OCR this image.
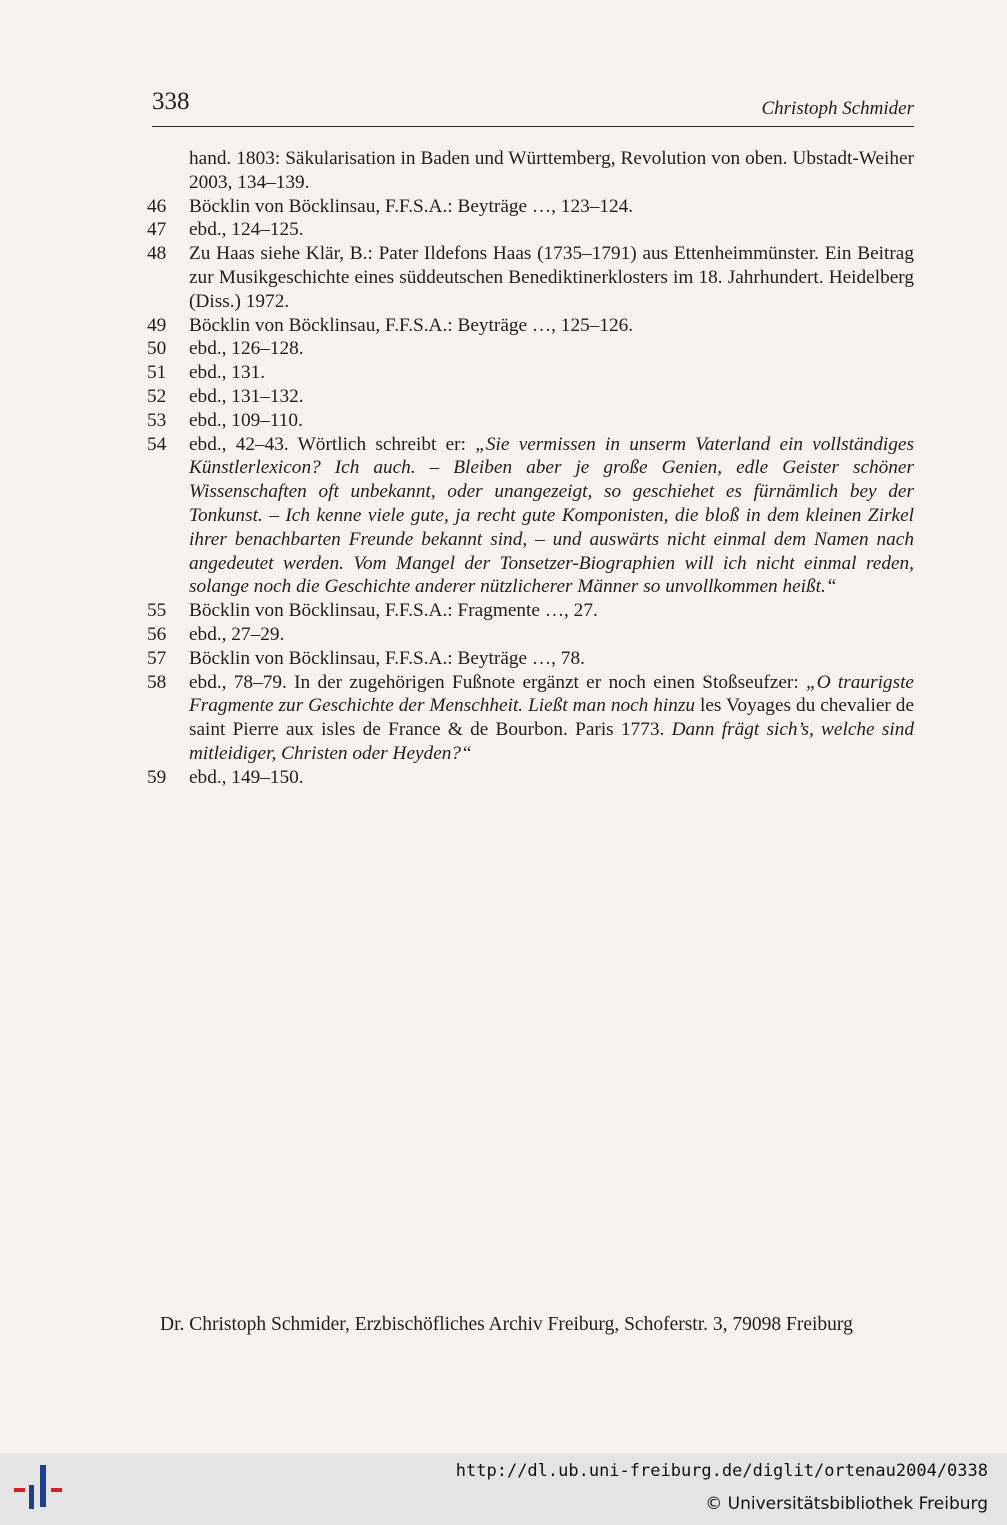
338	Christoph Schmider
hand. 1803: Säkularisation in Baden und Württemberg, Revolution von oben. Ubstadt-Weiher 2003, 134–139.
46	Böcklin von Böcklinsau, F.F.S.A.: Beyträge …, 123–124.
47	ebd., 124–125.
48	Zu Haas siehe Klär, B.: Pater Ildefons Haas (1735–1791) aus Ettenheimmünster. Ein Beitrag zur Musikgeschichte eines süddeutschen Benediktinerklosters im 18. Jahrhundert. Heidelberg (Diss.) 1972.
49	Böcklin von Böcklinsau, F.F.S.A.: Beyträge …, 125–126.
50	ebd., 126–128.
51	ebd., 131.
52	ebd., 131–132.
53	ebd., 109–110.
54	ebd., 42–43. Wörtlich schreibt er: „Sie vermissen in unserm Vaterland ein vollständiges Künstlerlexicon? Ich auch. – Bleiben aber je große Genien, edle Geister schöner Wissenschaften oft unbekannt, oder unangezeigt, so geschiehet es fürnämlich bey der Tonkunst. – Ich kenne viele gute, ja recht gute Komponisten, die bloß in dem kleinen Zirkel ihrer benachbarten Freunde bekannt sind, – und auswärts nicht einmal dem Namen nach angedeutet werden. Vom Mangel der Tonsetzer-Biographien will ich nicht einmal reden, solange noch die Geschichte anderer nützlicherer Männer so unvollkommen heißt.“
55	Böcklin von Böcklinsau, F.F.S.A.: Fragmente …, 27.
56	ebd., 27–29.
57	Böcklin von Böcklinsau, F.F.S.A.: Beyträge …, 78.
58	ebd., 78–79. In der zugehörigen Fußnote ergänzt er noch einen Stoßseufzer: „O traurigste Fragmente zur Geschichte der Menschheit. Ließt man noch hinzu les Voyages du chevalier de saint Pierre aux isles de France & de Bourbon. Paris 1773. Dann frägt sich’s, welche sind mitleidiger, Christen oder Heyden?“
59	ebd., 149–150.
Dr. Christoph Schmider, Erzbischöfliches Archiv Freiburg, Schoferstr. 3, 79098 Freiburg
http://dl.ub.uni-freiburg.de/diglit/ortenau2004/0338
© Universitätsbibliothek Freiburg
